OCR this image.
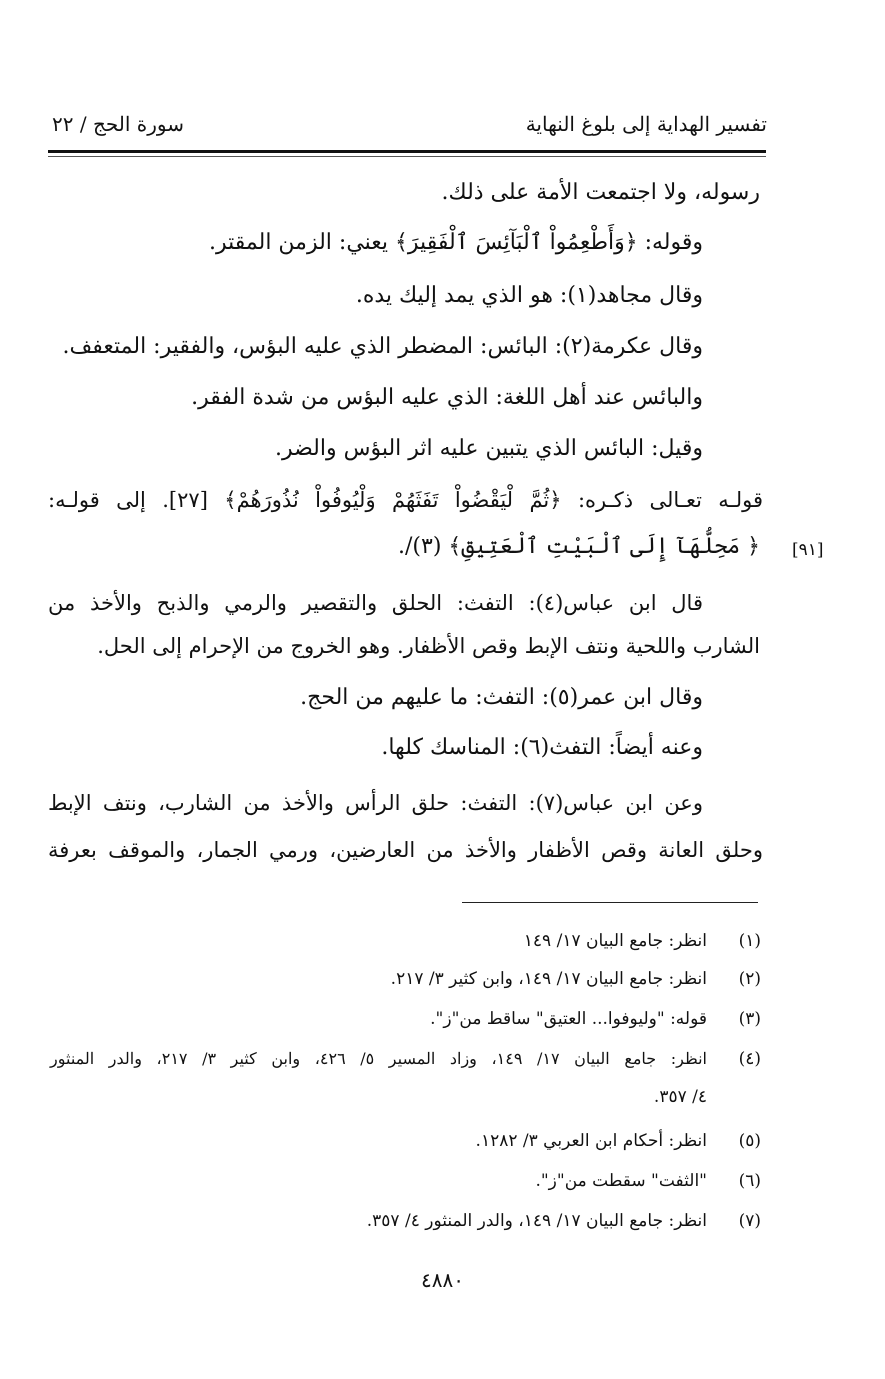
تفسير الهداية إلى بلوغ النهاية
سورة الحج / ٢٢
رسوله، ولا اجتمعت الأمة على ذلك.
وقوله: ﴿وَأَطْعِمُواْ ٱلْبَآئِسَ ٱلْفَقِيرَ﴾ يعني: الزمن المقتر.
وقال مجاهد(١): هو الذي يمد إليك يده.
وقال عكرمة(٢): البائس: المضطر الذي عليه البؤس، والفقير: المتعفف.
والبائس عند أهل اللغة: الذي عليه البؤس من شدة الفقر.
وقيل: البائس الذي يتبين عليه اثر البؤس والضر.
قولـه تعـالى ذكـره: ﴿ثُمَّ لْيَقْضُواْ تَفَثَهُمْ وَلْيُوفُواْ نُذُورَهُمْ﴾ [٢٧]. إلى قولـه:
﴿ مَحِلُّهَآ إِلَى ٱلْبَيْتِ ٱلْعَتِيقِ﴾ (٣)/. [٩١]
قال ابن عباس(٤): التفث: الحلق والتقصير والرمي والذبح والأخذ من
الشارب واللحية ونتف الإبط وقص الأظفار. وهو الخروج من الإحرام إلى الحل.
وقال ابن عمر(٥): التفث: ما عليهم من الحج.
وعنه أيضاً: التفث(٦): المناسك كلها.
وعن ابن عباس(٧): التفث: حلق الرأس والأخذ من الشارب، ونتف الإبط
وحلق العانة وقص الأظفار والأخذ من العارضين، ورمي الجمار، والموقف بعرفة
(١)
انظر: جامع البيان ١٧/ ١٤٩
(٢)
انظر: جامع البيان ١٧/ ١٤٩، وابن كثير ٣/ ٢١٧.
(٣)
قوله: "وليوفوا... العتيق" ساقط من"ز".
(٤)
انظر: جامع البيان ١٧/ ١٤٩، وزاد المسير ٥/ ٤٢٦، وابن كثير ٣/ ٢١٧، والدر المنثور
٤/ ٣٥٧.
(٥)
انظر: أحكام ابن العربي ٣/ ١٢٨٢.
(٦)
"الثفت" سقطت من"ز".
(٧)
انظر: جامع البيان ١٧/ ١٤٩، والدر المنثور ٤/ ٣٥٧.
٤٨٨٠
